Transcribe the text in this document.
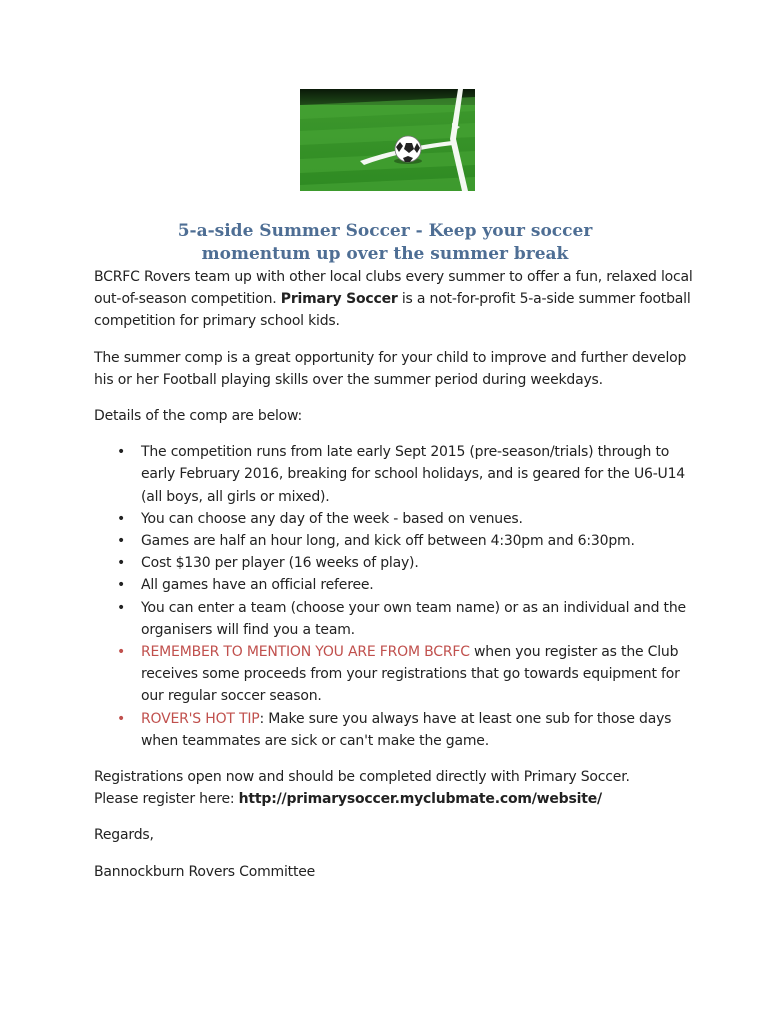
5-a-side Summer Soccer - Keep your soccer
momentum up over the summer break

BCRFC Rovers team up with other local clubs every summer to offer a fun, relaxed local out-of-season competition. Primary Soccer is a not-for-profit 5-a-side summer football competition for primary school kids.

The summer comp is a great opportunity for your child to improve and further develop his or her Football playing skills over the summer period during weekdays.

Details of the comp are below:

• The competition runs from late early Sept 2015 (pre-season/trials) through to early February 2016, breaking for school holidays, and is geared for the U6-U14 (all boys, all girls or mixed).
• You can choose any day of the week - based on venues.
• Games are half an hour long, and kick off between 4:30pm and 6:30pm.
• Cost $130 per player (16 weeks of play).
• All games have an official referee.
• You can enter a team (choose your own team name) or as an individual and the organisers will find you a team.
• REMEMBER TO MENTION YOU ARE FROM BCRFC when you register as the Club receives some proceeds from your registrations that go towards equipment for our regular soccer season.
• ROVER'S HOT TIP: Make sure you always have at least one sub for those days when teammates are sick or can't make the game.

Registrations open now and should be completed directly with Primary Soccer.
Please register here: http://primarysoccer.myclubmate.com/website/

Regards,

Bannockburn Rovers Committee
